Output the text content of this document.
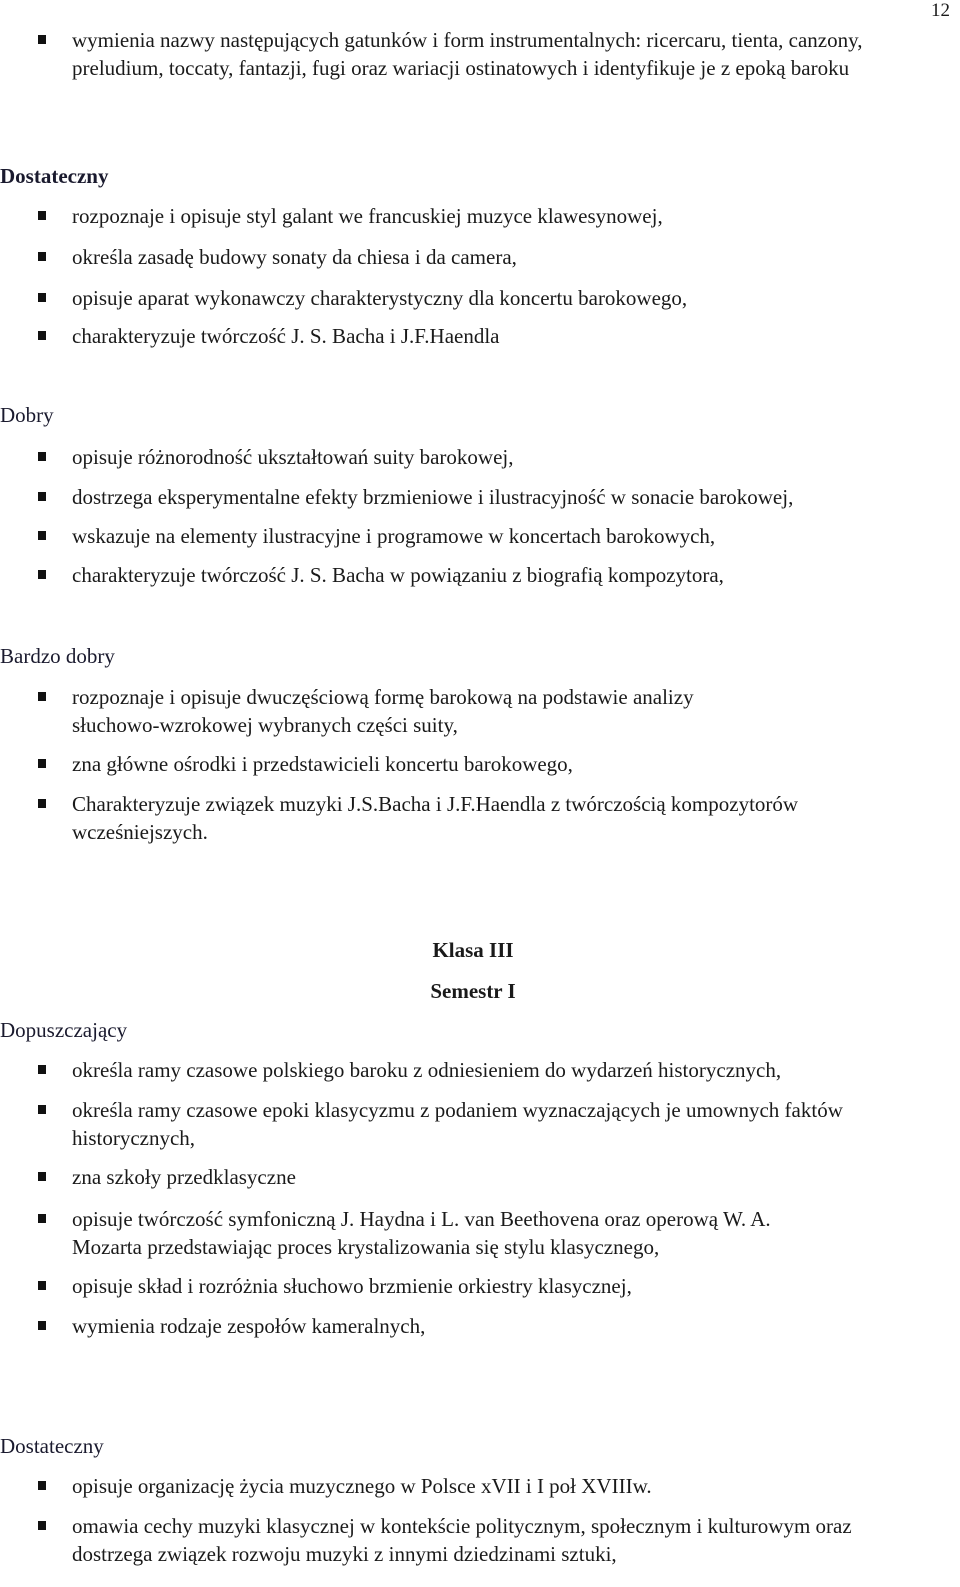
12
wymienia nazwy następujących gatunków i form instrumentalnych: ricercaru, tienta, canzony, preludium, toccaty, fantazji, fugi oraz wariacji ostinatowych i identyfikuje je z epoką baroku
Dostateczny
rozpoznaje i opisuje styl galant we francuskiej muzyce klawesynowej,
określa zasadę budowy sonaty da chiesa i da camera,
opisuje aparat wykonawczy charakterystyczny dla koncertu barokowego,
charakteryzuje twórczość J. S. Bacha i J.F.Haendla
Dobry
opisuje różnorodność ukształtowań suity barokowej,
dostrzega eksperymentalne efekty brzmieniowe i ilustracyjność w sonacie barokowej,
wskazuje na elementy ilustracyjne i programowe w koncertach barokowych,
charakteryzuje twórczość J. S. Bacha w powiązaniu z biografią kompozytora,
Bardzo dobry
rozpoznaje i opisuje dwuczęściową formę barokową na podstawie analizy słuchowo-wzrokowej wybranych części suity,
zna główne ośrodki i przedstawicieli koncertu barokowego,
Charakteryzuje związek muzyki J.S.Bacha i J.F.Haendla z twórczością kompozytorów wcześniejszych.
Klasa III
Semestr I
Dopuszczający
określa ramy czasowe polskiego baroku z odniesieniem do wydarzeń historycznych,
określa ramy czasowe epoki klasycyzmu z podaniem wyznaczających je umownych faktów historycznych,
zna szkoły przedklasyczne
opisuje twórczość symfoniczną J. Haydna i L. van Beethovena oraz operową W. A. Mozarta przedstawiając proces krystalizowania się stylu klasycznego,
opisuje skład i rozróżnia słuchowo brzmienie orkiestry klasycznej,
wymienia rodzaje zespołów kameralnych,
Dostateczny
opisuje organizację życia muzycznego w Polsce xVII i I poł XVIIIw.
omawia cechy muzyki klasycznej w kontekście politycznym, społecznym i kulturowym oraz dostrzega związek rozwoju muzyki z innymi dziedzinami sztuki,
